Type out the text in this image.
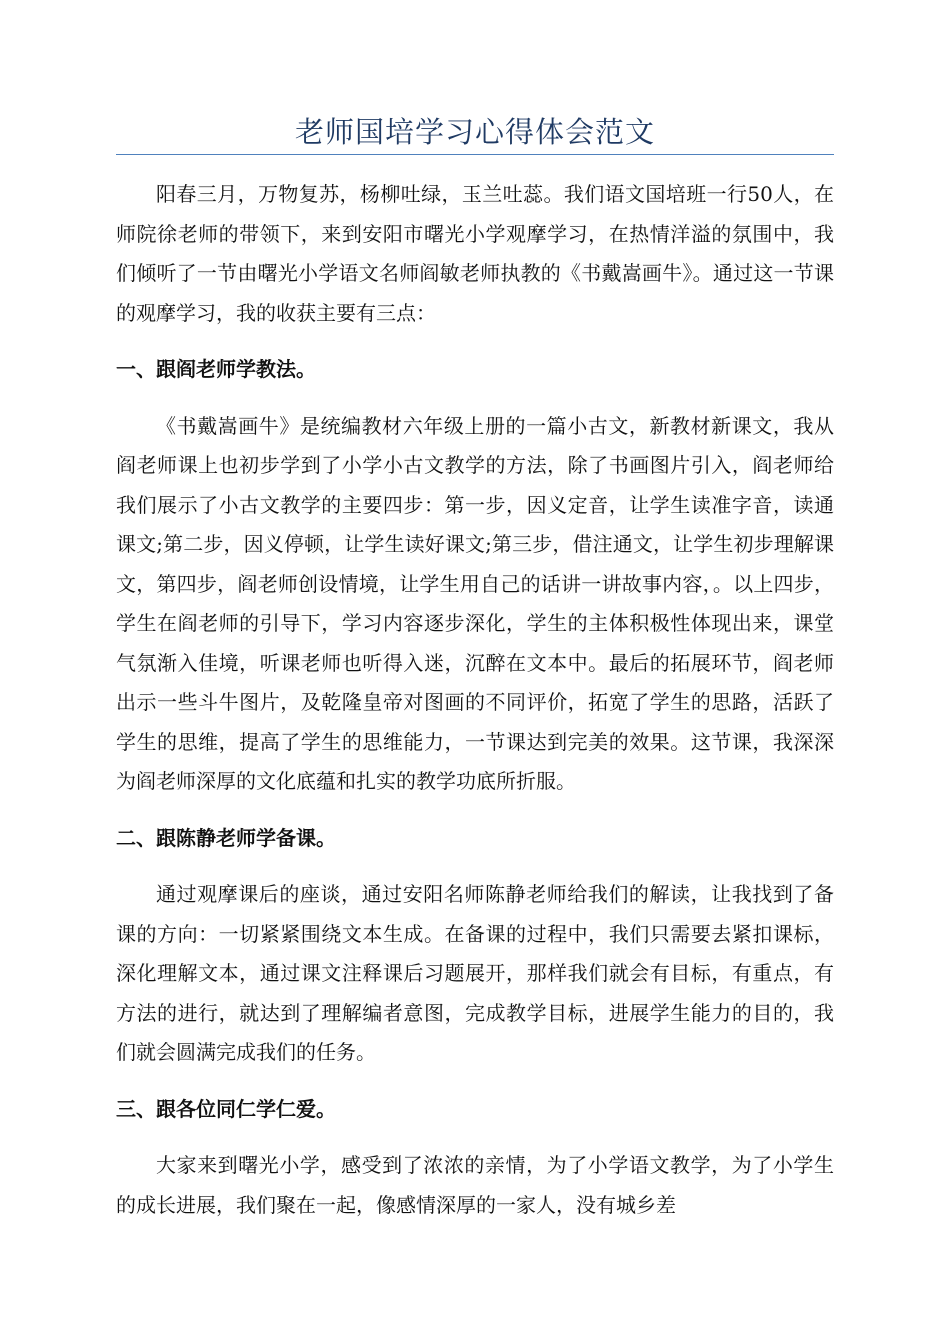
老师国培学习心得体会范文

阳春三月，万物复苏，杨柳吐绿，玉兰吐蕊。我们语文国培班一行50人，在师院徐老师的带领下，来到安阳市曙光小学观摩学习，在热情洋溢的氛围中，我们倾听了一节由曙光小学语文名师阎敏老师执教的《书戴嵩画牛》。通过这一节课的观摩学习，我的收获主要有三点：

一、跟阎老师学教法。

《书戴嵩画牛》是统编教材六年级上册的一篇小古文，新教材新课文，我从阎老师课上也初步学到了小学小古文教学的方法，除了书画图片引入，阎老师给我们展示了小古文教学的主要四步：第一步，因义定音，让学生读准字音，读通课文;第二步，因义停顿，让学生读好课文;第三步，借注通文，让学生初步理解课文，第四步，阎老师创设情境，让学生用自己的话讲一讲故事内容，。以上四步，学生在阎老师的引导下，学习内容逐步深化，学生的主体积极性体现出来，课堂气氛渐入佳境，听课老师也听得入迷，沉醉在文本中。最后的拓展环节，阎老师出示一些斗牛图片，及乾隆皇帝对图画的不同评价，拓宽了学生的思路，活跃了学生的思维，提高了学生的思维能力，一节课达到完美的效果。这节课，我深深为阎老师深厚的文化底蕴和扎实的教学功底所折服。

二、跟陈静老师学备课。

通过观摩课后的座谈，通过安阳名师陈静老师给我们的解读，让我找到了备课的方向：一切紧紧围绕文本生成。在备课的过程中，我们只需要去紧扣课标，深化理解文本，通过课文注释课后习题展开，那样我们就会有目标，有重点，有方法的进行，就达到了理解编者意图，完成教学目标，进展学生能力的目的，我们就会圆满完成我们的任务。

三、跟各位同仁学仁爱。

大家来到曙光小学，感受到了浓浓的亲情，为了小学语文教学，为了小学生的成长进展，我们聚在一起，像感情深厚的一家人，没有城乡差
